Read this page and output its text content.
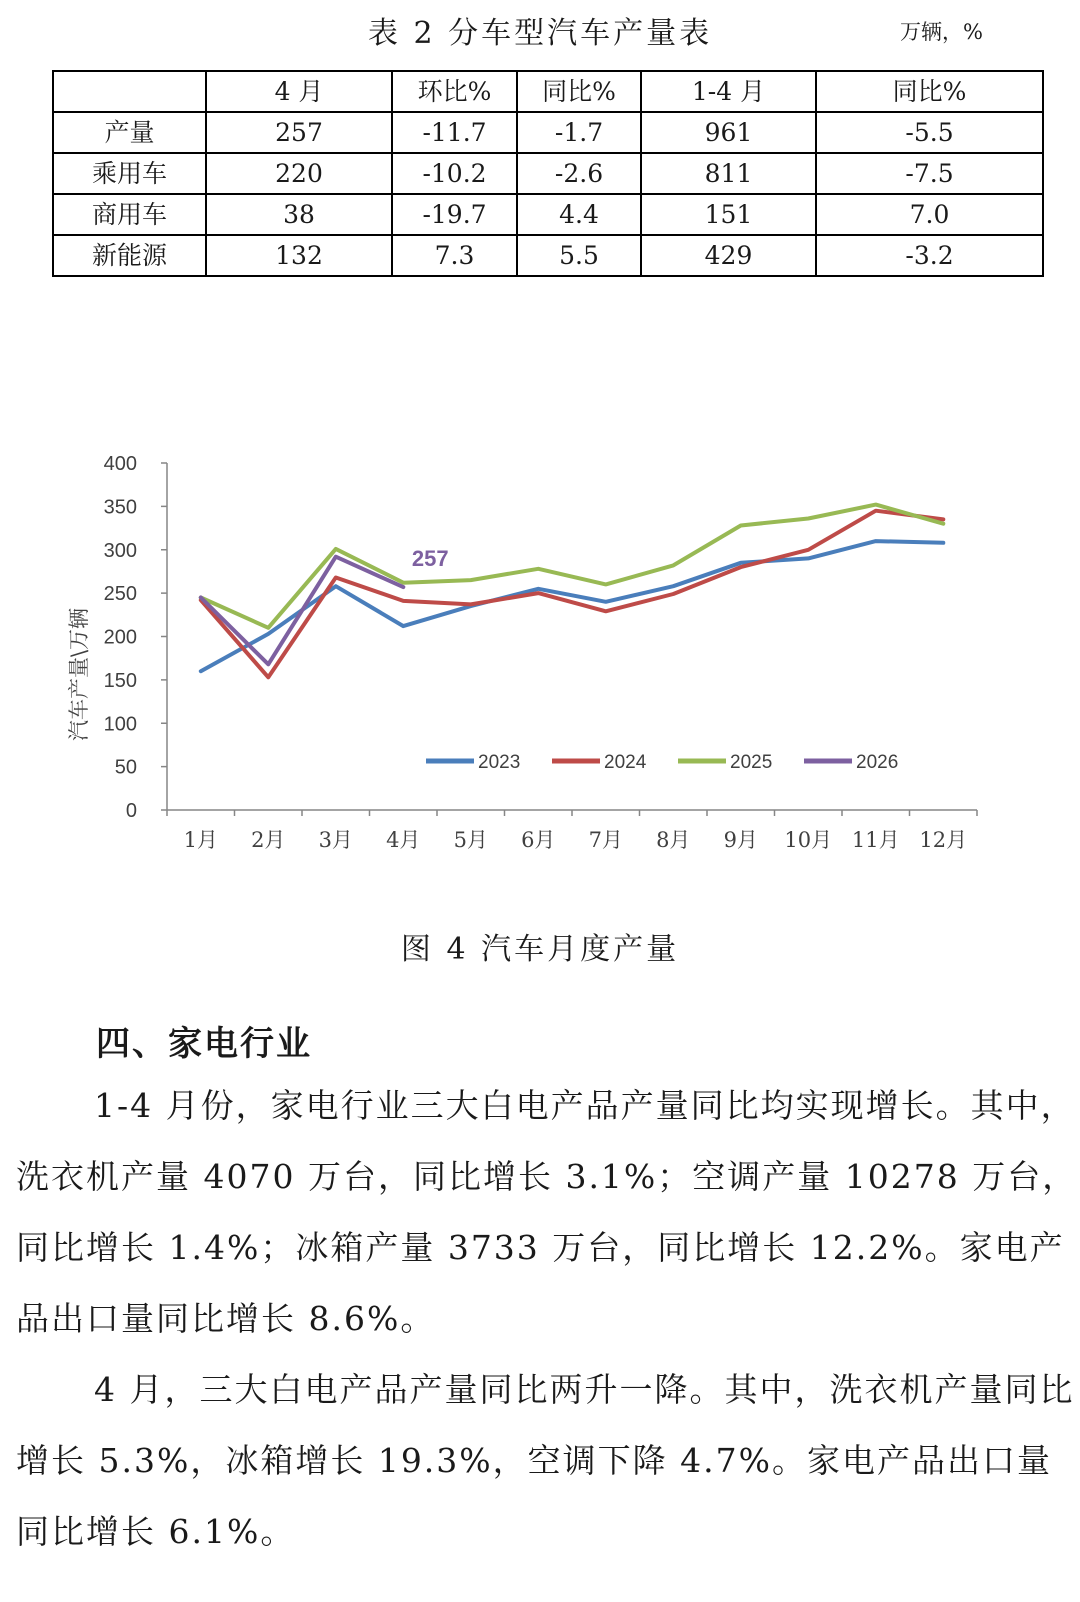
表 2 分车型汽车产量表	万辆，%
	4 月	环比%	同比%	1-4 月	同比%
产量	257	-11.7	-1.7	961	-5.5
乘用车	220	-10.2	-2.6	811	-7.5
商用车	38	-19.7	4.4	151	7.0
新能源	132	7.3	5.5	429	-3.2
0
50
100
150
200
250
300
350
400
1月 2月 3月 4月 5月 6月 7月 8月 9月 10月 11月 12月
汽车产量\万辆
257
2023	2024	2025	2026
图 4 汽车月度产量
四、家电行业

1-4 月份，家电行业三大白电产品产量同比均实现增长。其中，洗衣机产量 4070 万台，同比增长 3.1%；空调产量 10278 万台，同比增长 1.4%；冰箱产量 3733 万台，同比增长 12.2%。家电产品出口量同比增长 8.6%。

4 月，三大白电产品产量同比两升一降。其中，洗衣机产量同比增长 5.3%，冰箱增长 19.3%，空调下降 4.7%。家电产品出口量同比增长 6.1%。
